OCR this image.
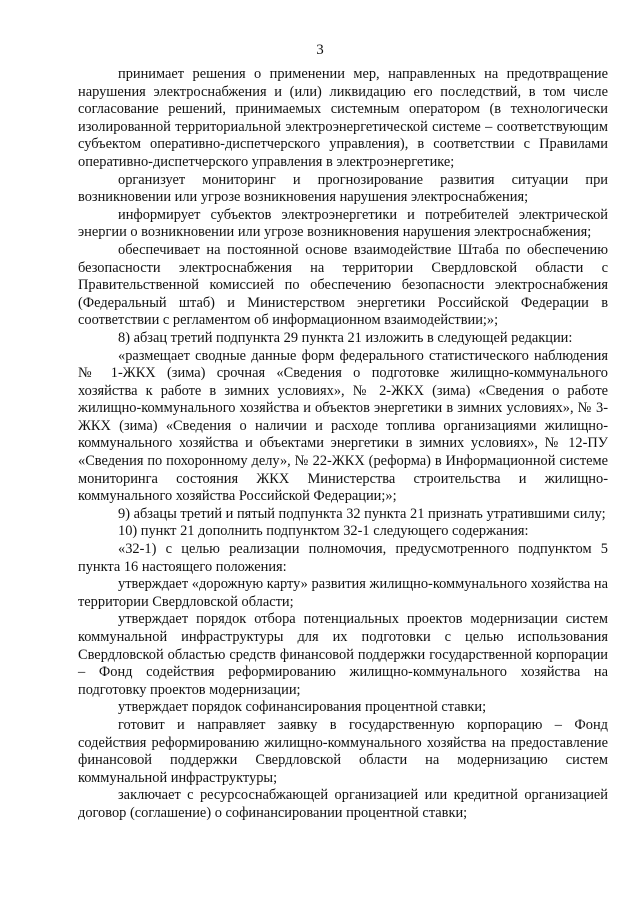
3

принимает решения о применении мер, направленных на предотвращение нарушения электроснабжения и (или) ликвидацию его последствий, в том числе согласование решений, принимаемых системным оператором (в технологически изолированной территориальной электроэнергетической системе – соответствующим субъектом оперативно-диспетчерского управления), в соответствии с Правилами оперативно-диспетчерского управления в электроэнергетике;

организует мониторинг и прогнозирование развития ситуации при возникновении или угрозе возникновения нарушения электроснабжения;

информирует субъектов электроэнергетики и потребителей электрической энергии о возникновении или угрозе возникновения нарушения электроснабжения;

обеспечивает на постоянной основе взаимодействие Штаба по обеспечению безопасности электроснабжения на территории Свердловской области с Правительственной комиссией по обеспечению безопасности электроснабжения (Федеральный штаб) и Министерством энергетики Российской Федерации в соответствии с регламентом об информационном взаимодействии;»;

8) абзац третий подпункта 29 пункта 21 изложить в следующей редакции:

«размещает сводные данные форм федерального статистического наблюдения № 1-ЖКХ (зима) срочная «Сведения о подготовке жилищно-коммунального хозяйства к работе в зимних условиях», № 2-ЖКХ (зима) «Сведения о работе жилищно-коммунального хозяйства и объектов энергетики в зимних условиях», № 3-ЖКХ (зима) «Сведения о наличии и расходе топлива организациями жилищно-коммунального хозяйства и объектами энергетики в зимних условиях», № 12-ПУ «Сведения по похоронному делу», № 22-ЖКХ (реформа) в Информационной системе мониторинга состояния ЖКХ Министерства строительства и жилищно-коммунального хозяйства Российской Федерации;»;

9) абзацы третий и пятый подпункта 32 пункта 21 признать утратившими силу;

10) пункт 21 дополнить подпунктом 32-1 следующего содержания:

«32-1) с целью реализации полномочия, предусмотренного подпунктом 5 пункта 16 настоящего положения:

утверждает «дорожную карту» развития жилищно-коммунального хозяйства на территории Свердловской области;

утверждает порядок отбора потенциальных проектов модернизации систем коммунальной инфраструктуры для их подготовки с целью использования Свердловской областью средств финансовой поддержки государственной корпорации – Фонд содействия реформированию жилищно-коммунального хозяйства на подготовку проектов модернизации;

утверждает порядок софинансирования процентной ставки;

готовит и направляет заявку в государственную корпорацию – Фонд содействия реформированию жилищно-коммунального хозяйства на предоставление финансовой поддержки Свердловской области на модернизацию систем коммунальной инфраструктуры;

заключает с ресурсоснабжающей организацией или кредитной организацией договор (соглашение) о софинансировании процентной ставки;
